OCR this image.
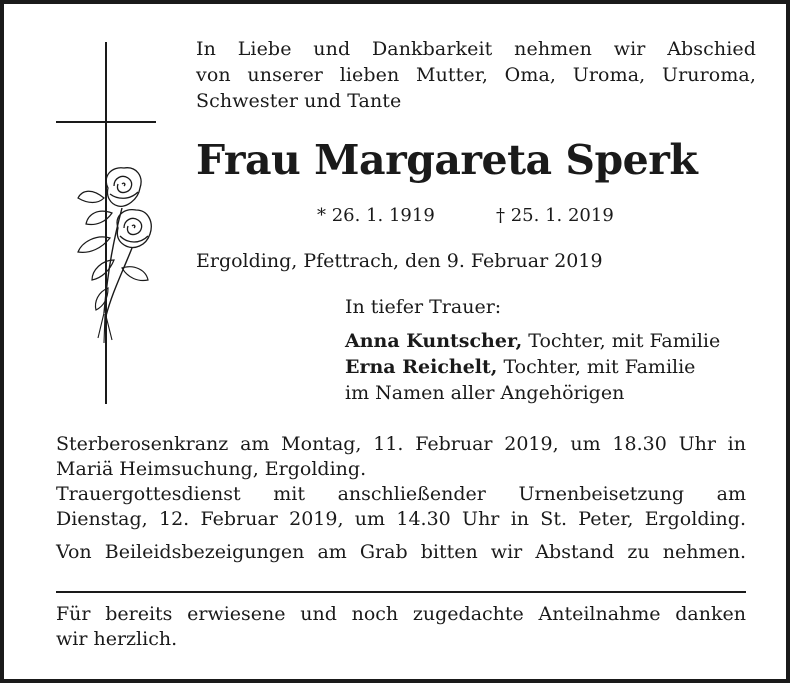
In Liebe und Dankbarkeit nehmen wir Abschied
von unserer lieben Mutter, Oma, Uroma, Ururoma,
Schwester und Tante
Frau Margareta Sperk
* 26. 1. 1919	† 25. 1. 2019
Ergolding, Pfettrach, den 9. Februar 2019
In tiefer Trauer:
Anna Kuntscher, Tochter, mit Familie
Erna Reichelt, Tochter, mit Familie
im Namen aller Angehörigen
Sterberosenkranz am Montag, 11. Februar 2019, um 18.30 Uhr in
Mariä Heimsuchung, Ergolding.
Trauergottesdienst mit anschließender Urnenbeisetzung am
Dienstag, 12. Februar 2019, um 14.30 Uhr in St. Peter, Ergolding.
Von Beileidsbezeigungen am Grab bitten wir Abstand zu nehmen.
Für bereits erwiesene und noch zugedachte Anteilnahme danken
wir herzlich.
